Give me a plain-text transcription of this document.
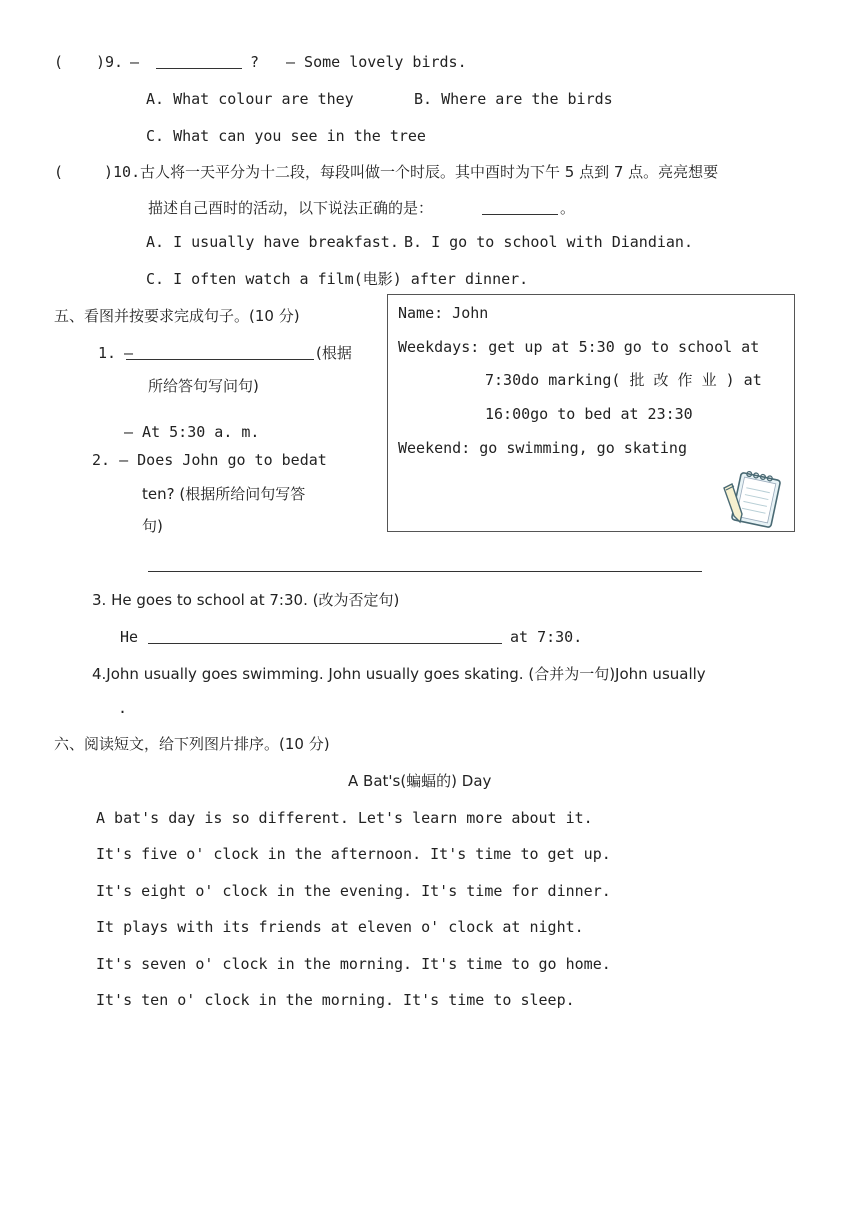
( )9. —	? — Some lovely birds.
A. What colour are they	B. Where are the birds
C. What can you see in the tree
(	)10. 古人将一天平分为十二段，每段叫做一个时辰。其中酉时为下午 5 点到 7 点。亮亮想要
描述自己酉时的活动，以下说法正确的是：	。
A. I usually have breakfast. B. I go to school with Diandian.
C. I often watch a film(电影) after dinner.
五、看图并按要求完成句子。(10 分)
1. —	(根据
所给答句写问句)
— At 5:30 a. m.
2. — Does John go to bedat
ten? (根据所给问句写答
句)
Name: John
Weekdays: get up at 5:30 go to school at
7:30do marking( 批 改 作 业 ) at
16:00go to bed at 23:30
Weekend: go swimming, go skating
3. He goes to school at 7:30. (改为否定句)
He	at 7:30.
4.John usually goes swimming. John usually goes skating. (合并为一句)John usually
.
六、阅读短文，给下列图片排序。(10 分)
A Bat's(蝙蝠的) Day
A bat's day is so different. Let's learn more about it.
It's five o' clock in the afternoon. It's time to get up.
It's eight o' clock in the evening. It's time for dinner.
It plays with its friends at eleven o' clock at night.
It's seven o' clock in the morning. It's time to go home.
It's ten o' clock in the morning. It's time to sleep.
